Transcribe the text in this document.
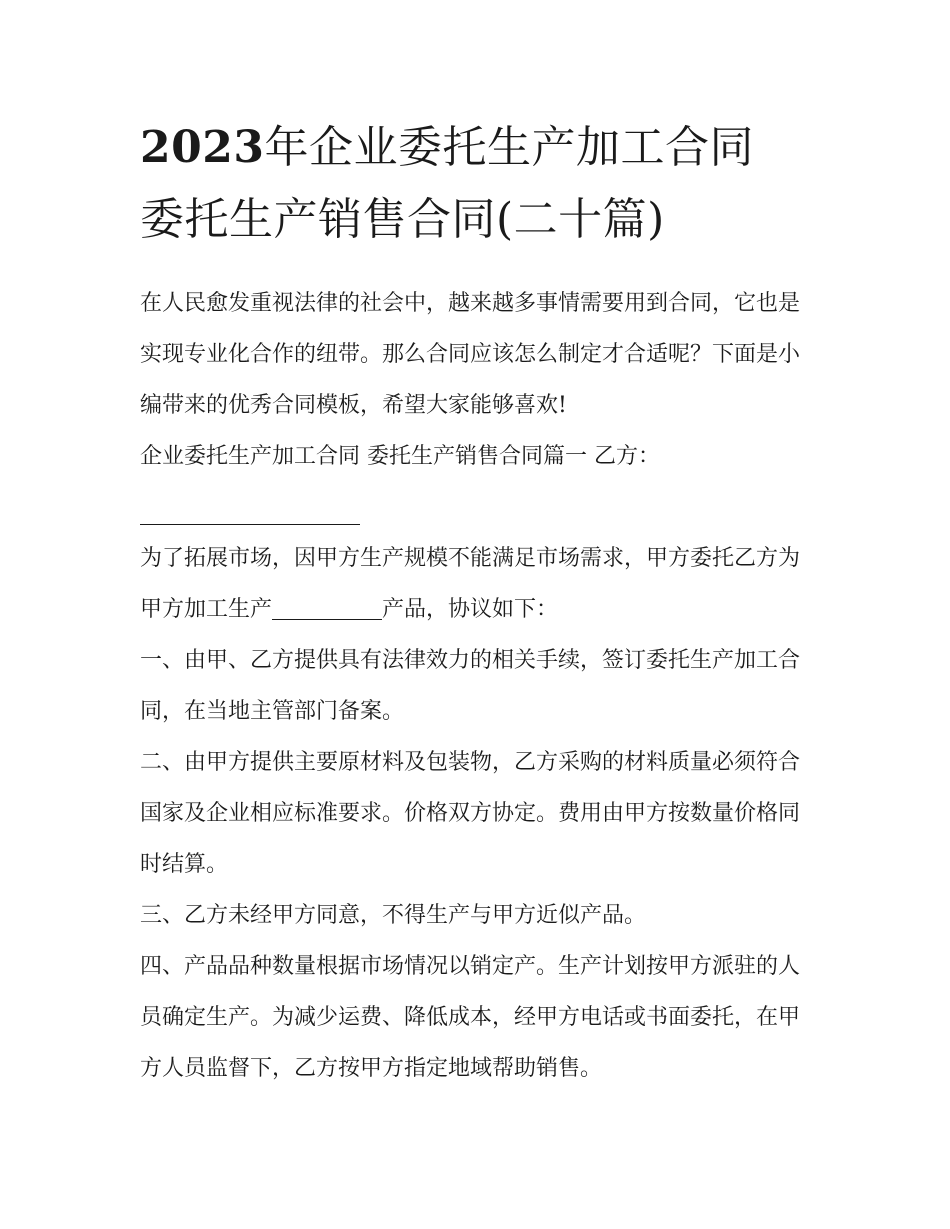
2023年企业委托生产加工合同
委托生产销售合同(二十篇)

在人民愈发重视法律的社会中，越来越多事情需要用到合同，它也是实现专业化合作的纽带。那么合同应该怎么制定才合适呢？下面是小编带来的优秀合同模板，希望大家能够喜欢!

企业委托生产加工合同 委托生产销售合同篇一 乙方：

为了拓展市场，因甲方生产规模不能满足市场需求，甲方委托乙方为甲方加工生产	产品，协议如下：

一、由甲、乙方提供具有法律效力的相关手续，签订委托生产加工合同，在当地主管部门备案。

二、由甲方提供主要原材料及包装物，乙方采购的材料质量必须符合国家及企业相应标准要求。价格双方协定。费用由甲方按数量价格同时结算。

三、乙方未经甲方同意，不得生产与甲方近似产品。

四、产品品种数量根据市场情况以销定产。生产计划按甲方派驻的人员确定生产。为减少运费、降低成本，经甲方电话或书面委托，在甲方人员监督下，乙方按甲方指定地域帮助销售。
